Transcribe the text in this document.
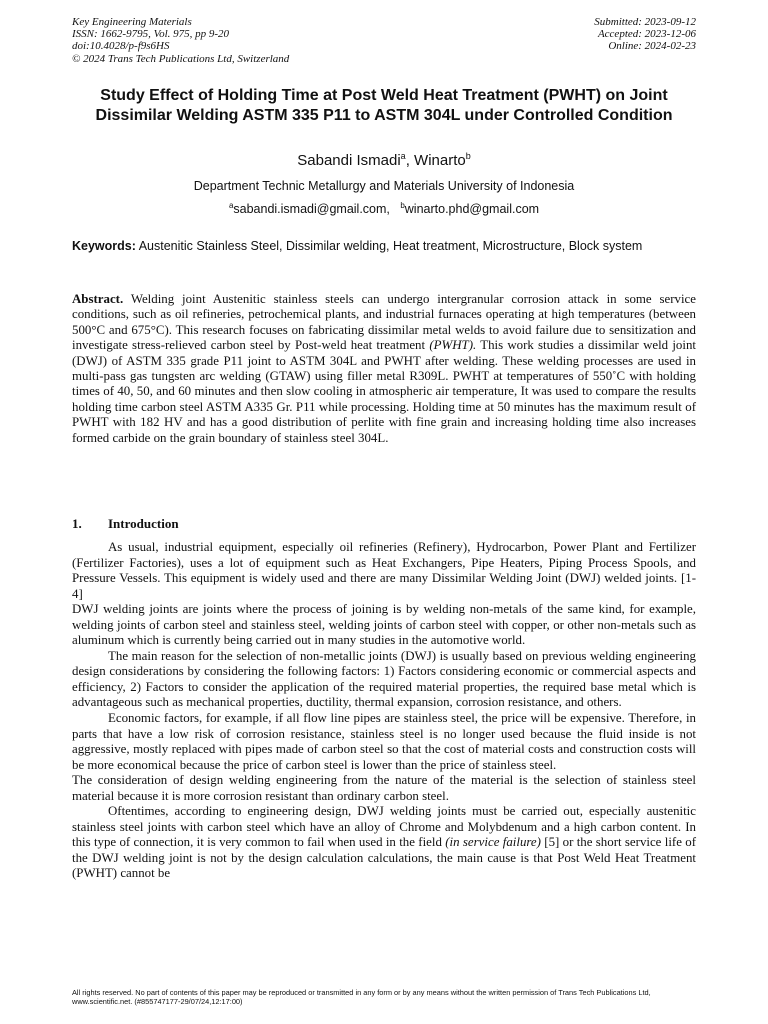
Key Engineering Materials
ISSN: 1662-9795, Vol. 975, pp 9-20
doi:10.4028/p-f9s6HS
© 2024 Trans Tech Publications Ltd, Switzerland
Submitted: 2023-09-12
Accepted: 2023-12-06
Online: 2024-02-23
Study Effect of Holding Time at Post Weld Heat Treatment (PWHT) on Joint Dissimilar Welding ASTM 335 P11 to ASTM 304L under Controlled Condition
Sabandi Ismadi$^a$, Winarto$^b$
Department Technic Metallurgy and Materials University of Indonesia
$^a$sabandi.ismadi@gmail.com, $^b$winarto.phd@gmail.com
Keywords: Austenitic Stainless Steel, Dissimilar welding, Heat treatment, Microstructure, Block system
Abstract. Welding joint Austenitic stainless steels can undergo intergranular corrosion attack in some service conditions, such as oil refineries, petrochemical plants, and industrial furnaces operating at high temperatures (between 500°C and 675°C). This research focuses on fabricating dissimilar metal welds to avoid failure due to sensitization and investigate stress-relieved carbon steel by Post-weld heat treatment (PWHT). This work studies a dissimilar weld joint (DWJ) of ASTM 335 grade P11 joint to ASTM 304L and PWHT after welding. These welding processes are used in multi-pass gas tungsten arc welding (GTAW) using filler metal R309L. PWHT at temperatures of 550˚C with holding times of 40, 50, and 60 minutes and then slow cooling in atmospheric air temperature, It was used to compare the results holding time carbon steel ASTM A335 Gr. P11 while processing. Holding time at 50 minutes has the maximum result of PWHT with 182 HV and has a good distribution of perlite with fine grain and increasing holding time also increases formed carbide on the grain boundary of stainless steel 304L.
1. Introduction

As usual, industrial equipment, especially oil refineries (Refinery), Hydrocarbon, Power Plant and Fertilizer (Fertilizer Factories), uses a lot of equipment such as Heat Exchangers, Pipe Heaters, Piping Process Spools, and Pressure Vessels. This equipment is widely used and there are many Dissimilar Welding Joint (DWJ) welded joints. [1-4]

DWJ welding joints are joints where the process of joining is by welding non-metals of the same kind, for example, welding joints of carbon steel and stainless steel, welding joints of carbon steel with copper, or other non-metals such as aluminum which is currently being carried out in many studies in the automotive world.

The main reason for the selection of non-metallic joints (DWJ) is usually based on previous welding engineering design considerations by considering the following factors: 1) Factors considering economic or commercial aspects and efficiency, 2) Factors to consider the application of the required material properties, the required base metal which is advantageous such as mechanical properties, ductility, thermal expansion, corrosion resistance, and others.

Economic factors, for example, if all flow line pipes are stainless steel, the price will be expensive. Therefore, in parts that have a low risk of corrosion resistance, stainless steel is no longer used because the fluid inside is not aggressive, mostly replaced with pipes made of carbon steel so that the cost of material costs and construction costs will be more economical because the price of carbon steel is lower than the price of stainless steel.

The consideration of design welding engineering from the nature of the material is the selection of stainless steel material because it is more corrosion resistant than ordinary carbon steel.

Oftentimes, according to engineering design, DWJ welding joints must be carried out, especially austenitic stainless steel joints with carbon steel which have an alloy of Chrome and Molybdenum and a high carbon content. In this type of connection, it is very common to fail when used in the field (in service failure) [5] or the short service life of the DWJ welding joint is not by the design calculation calculations, the main cause is that Post Weld Heat Treatment (PWHT) cannot be

All rights reserved. No part of contents of this paper may be reproduced or transmitted in any form or by any means without the written permission of Trans Tech Publications Ltd, www.scientific.net. (#855747177-29/07/24,12:17:00)
